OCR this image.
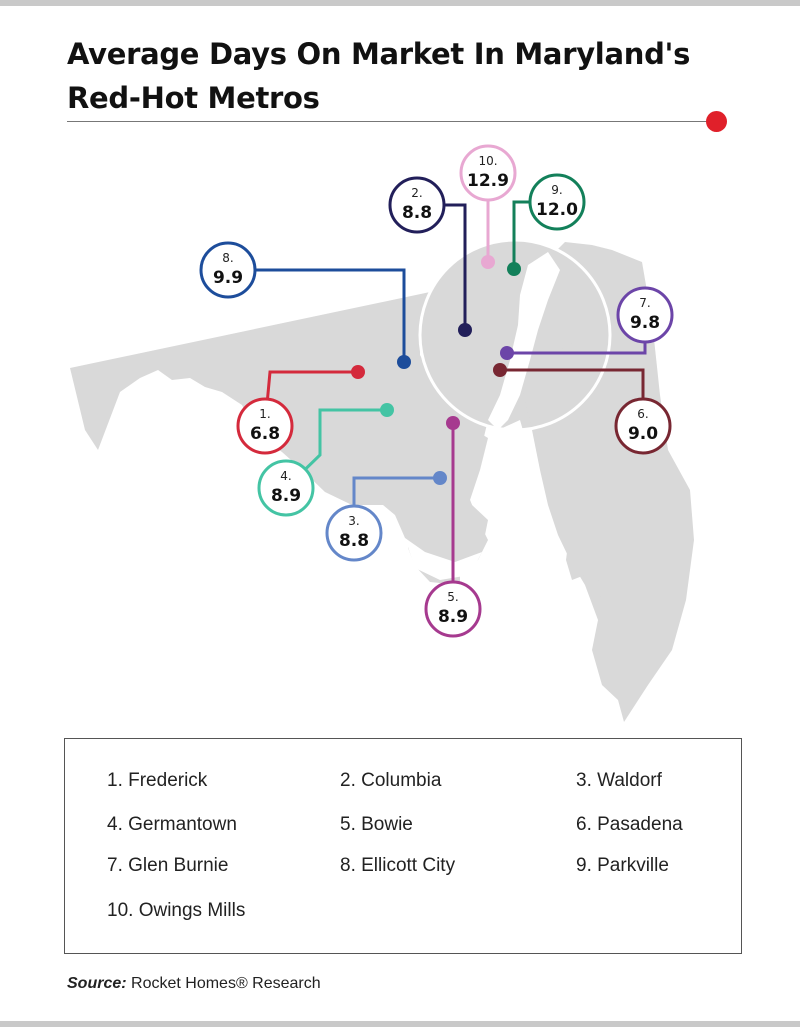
Average Days On Market In Maryland's
Red-Hot Metros
1.
6.8
2.
8.8
3.
8.8
4.
8.9
5.
8.9
6.
9.0
7.
9.8
8.
9.9
9.
12.0
10.
12.9
1. Frederick	2. Columbia	3. Waldorf
4. Germantown	5. Bowie	6. Pasadena
7. Glen Burnie	8. Ellicott City	9. Parkville
10. Owings Mills
Source: Rocket Homes® Research
